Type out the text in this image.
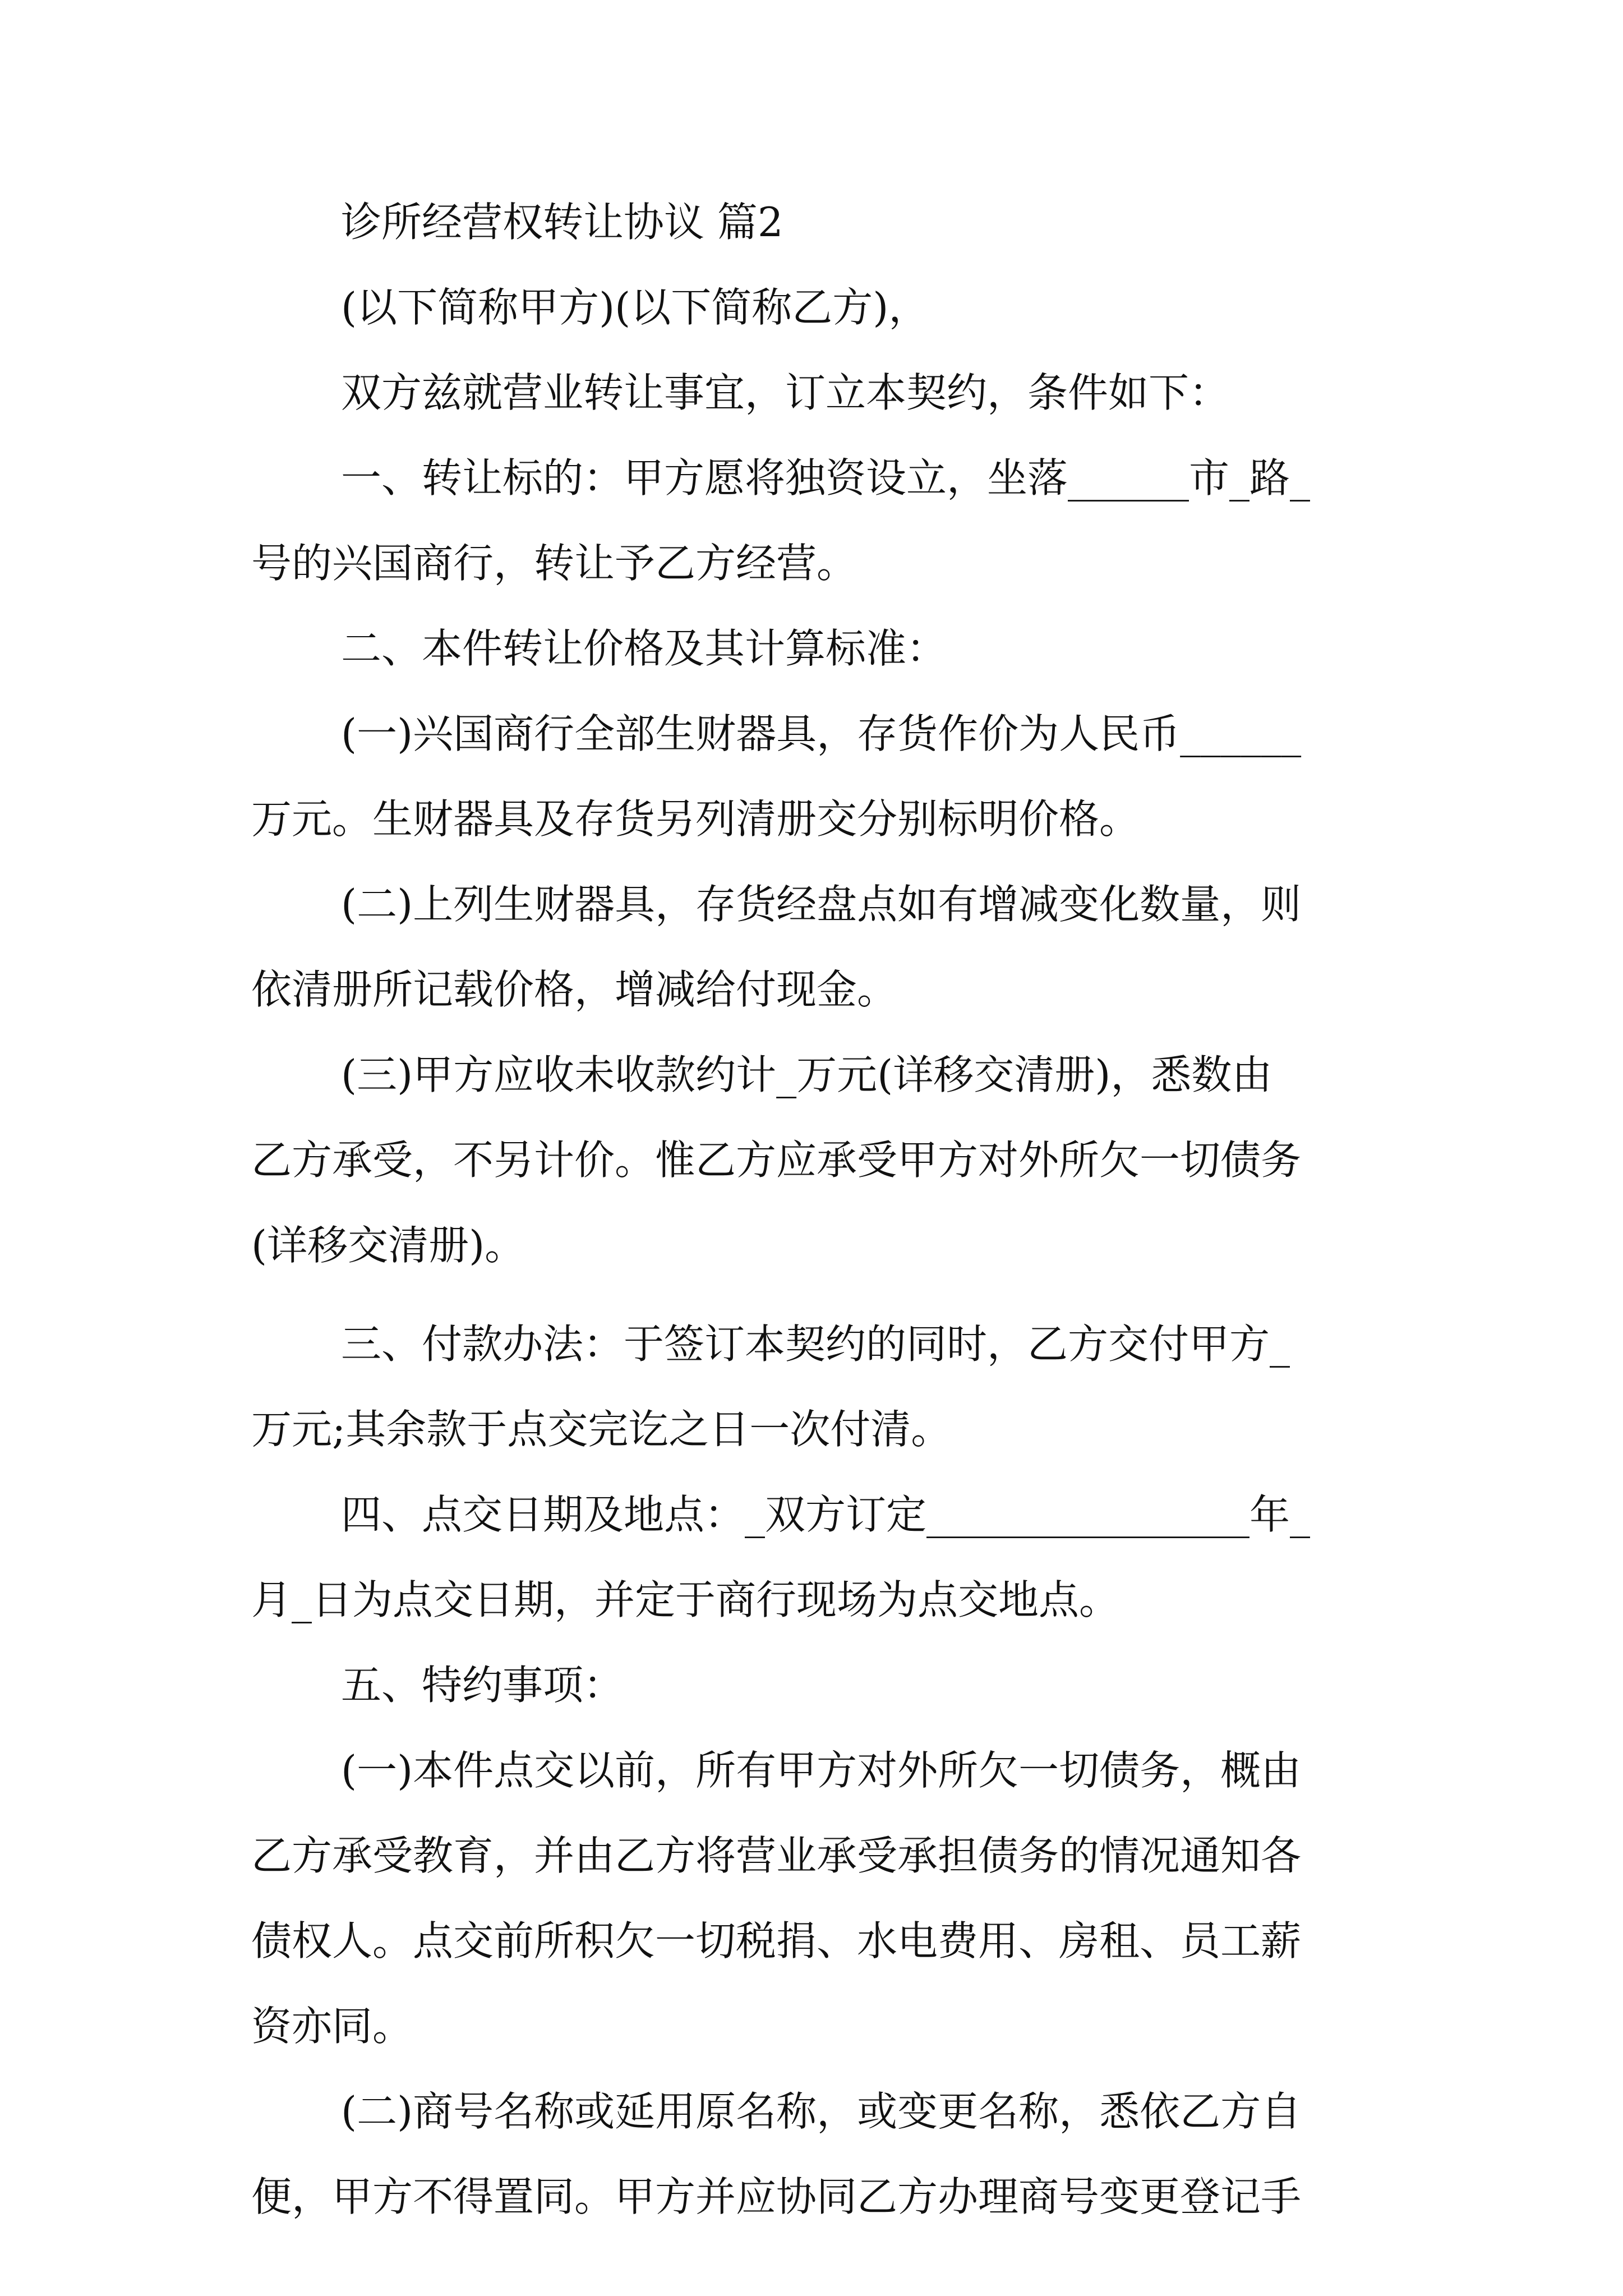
诊所经营权转让协议 篇2
(以下简称甲方)(以下简称乙方)，
双方兹就营业转让事宜，订立本契约，条件如下：
一、转让标的：甲方愿将独资设立，坐落______市_路_
号的兴国商行，转让予乙方经营。
二、本件转让价格及其计算标准：
(一)兴国商行全部生财器具，存货作价为人民币______
万元。生财器具及存货另列清册交分别标明价格。
(二)上列生财器具，存货经盘点如有增减变化数量，则
依清册所记载价格，增减给付现金。
(三)甲方应收未收款约计_万元(详移交清册)，悉数由
乙方承受，不另计价。惟乙方应承受甲方对外所欠一切债务
(详移交清册)。
三、付款办法：于签订本契约的同时，乙方交付甲方_
万元;其余款于点交完讫之日一次付清。
四、点交日期及地点：_双方订定________________年_
月_日为点交日期，并定于商行现场为点交地点。
五、特约事项：
(一)本件点交以前，所有甲方对外所欠一切债务，概由
乙方承受教育，并由乙方将营业承受承担债务的情况通知各
债权人。点交前所积欠一切税捐、水电费用、房租、员工薪
资亦同。
(二)商号名称或延用原名称，或变更名称，悉依乙方自
便，甲方不得置同。甲方并应协同乙方办理商号变更登记手
